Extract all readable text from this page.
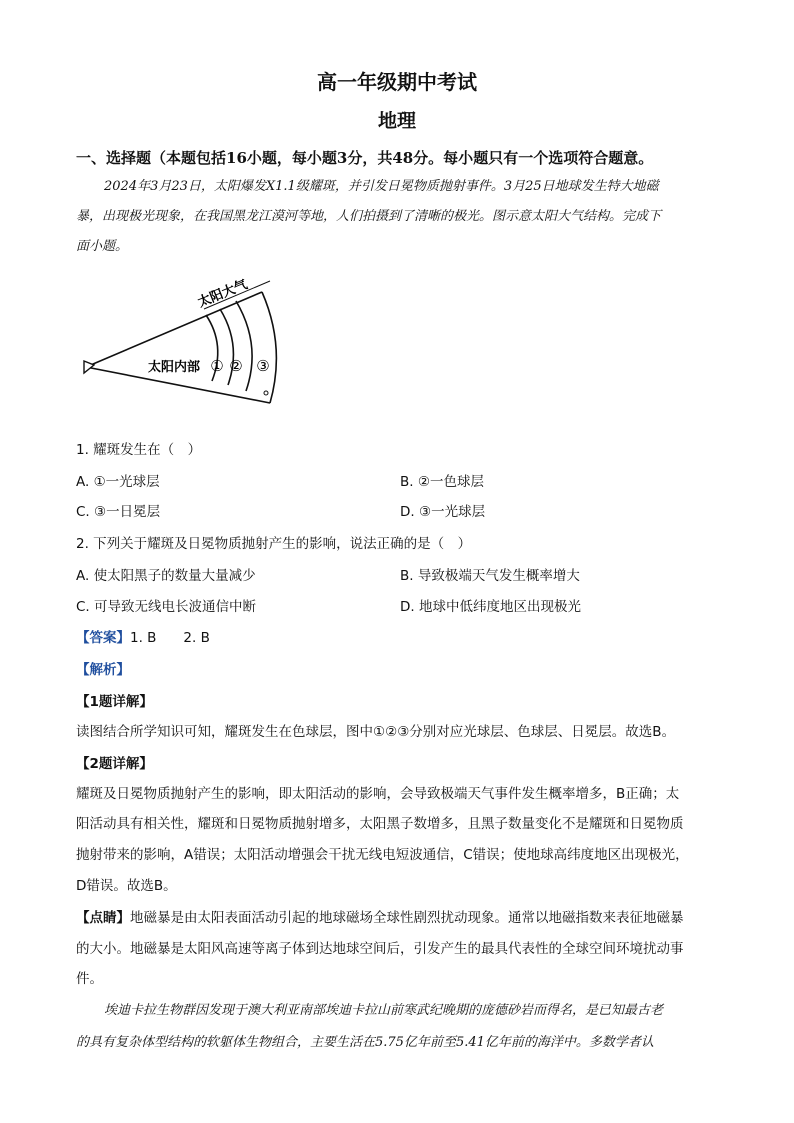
高一年级期中考试
地理
一、选择题（本题包括16小题，每小题3分，共48分。每小题只有一个选项符合题意。
2024年3月23日，太阳爆发X1.1级耀斑，并引发日冕物质抛射事件。3月25日地球发生特大地磁
暴，出现极光现象，在我国黑龙江漠河等地，人们拍摄到了清晰的极光。图示意太阳大气结构。完成下
面小题。
太阳大气
太阳内部 ① ② ③
1. 耀斑发生在（　）
A. ①一光球层	B. ②一色球层
C. ③一日冕层	D. ③一光球层
2. 下列关于耀斑及日冕物质抛射产生的影响，说法正确的是（　）
A. 使太阳黑子的数量大量减少	B. 导致极端天气发生概率增大
C. 可导致无线电长波通信中断	D. 地球中低纬度地区出现极光
【答案】1. B　　2. B
【解析】
【1题详解】
读图结合所学知识可知，耀斑发生在色球层，图中①②③分别对应光球层、色球层、日冕层。故选B。
【2题详解】
耀斑及日冕物质抛射产生的影响，即太阳活动的影响，会导致极端天气事件发生概率增多，B正确；太
阳活动具有相关性，耀斑和日冕物质抛射增多，太阳黑子数增多，且黑子数量变化不是耀斑和日冕物质
抛射带来的影响，A错误；太阳活动增强会干扰无线电短波通信，C错误；使地球高纬度地区出现极光，
D错误。故选B。
【点睛】地磁暴是由太阳表面活动引起的地球磁场全球性剧烈扰动现象。通常以地磁指数来表征地磁暴
的大小。地磁暴是太阳风高速等离子体到达地球空间后，引发产生的最具代表性的全球空间环境扰动事
件。
埃迪卡拉生物群因发现于澳大利亚南部埃迪卡拉山前寒武纪晚期的庞德砂岩而得名，是已知最古老
的具有复杂体型结构的软躯体生物组合，主要生活在5.75亿年前至5.41亿年前的海洋中。多数学者认
